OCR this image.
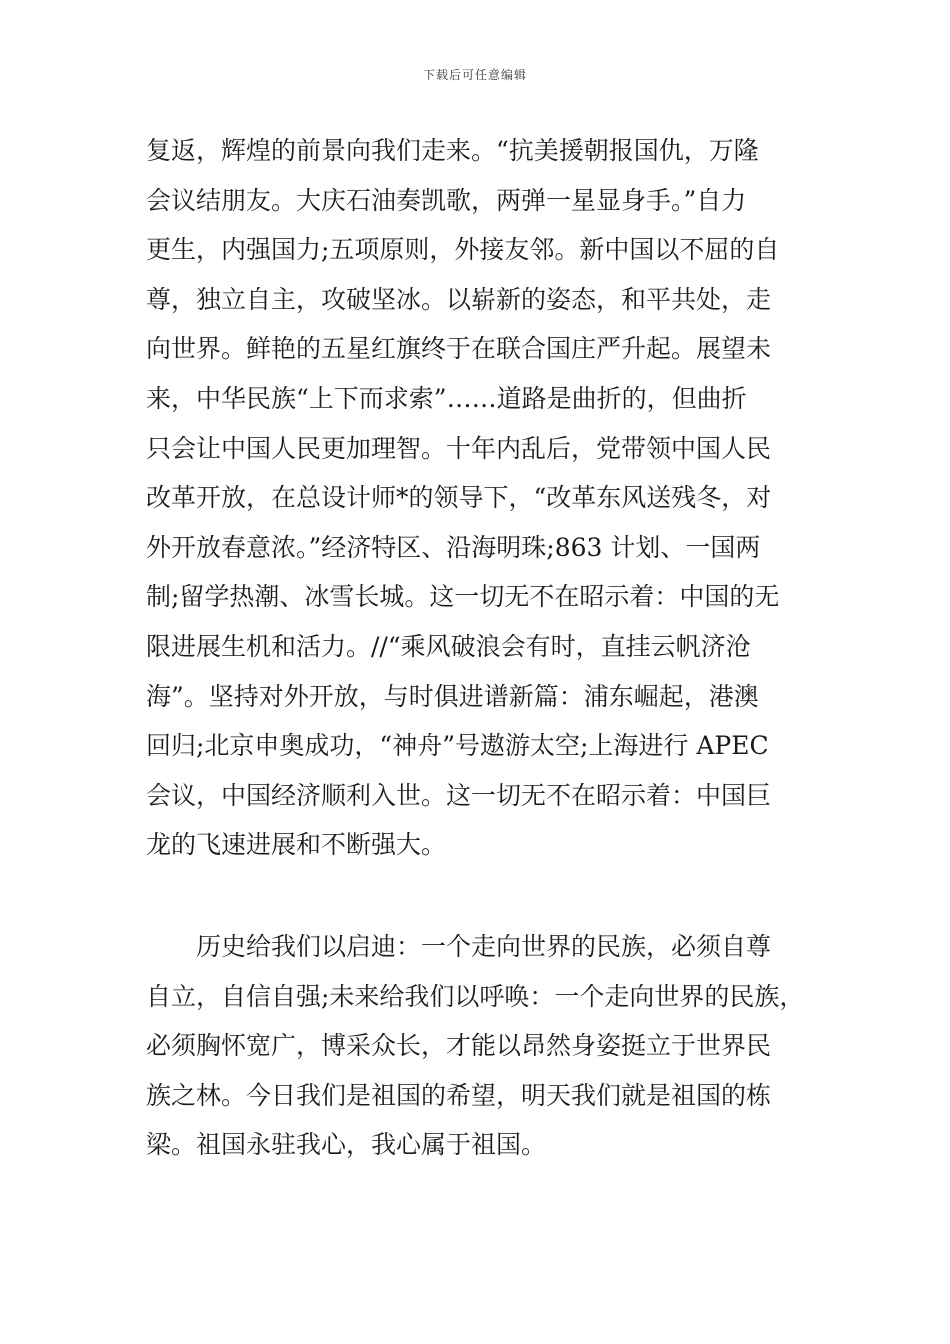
下载后可任意编辑
复返，辉煌的前景向我们走来。“抗美援朝报国仇，万隆
会议结朋友。大庆石油奏凯歌，两弹一星显身手。”自力
更生，内强国力;五项原则，外接友邻。新中国以不屈的自
尊，独立自主，攻破坚冰。以崭新的姿态，和平共处，走
向世界。鲜艳的五星红旗终于在联合国庄严升起。展望未
来，中华民族“上下而求索”……道路是曲折的，但曲折
只会让中国人民更加理智。十年内乱后，党带领中国人民
改革开放，在总设计师*的领导下，“改革东风送残冬，对
外开放春意浓。”经济特区、沿海明珠;863 计划、一国两
制;留学热潮、冰雪长城。这一切无不在昭示着：中国的无
限进展生机和活力。//“乘风破浪会有时，直挂云帆济沧
海”。坚持对外开放，与时俱进谱新篇：浦东崛起，港澳
回归;北京申奥成功，“神舟”号遨游太空;上海进行 APEC
会议，中国经济顺利入世。这一切无不在昭示着：中国巨
龙的飞速进展和不断强大。
　　历史给我们以启迪：一个走向世界的民族，必须自尊
自立，自信自强;未来给我们以呼唤：一个走向世界的民族，
必须胸怀宽广，博采众长，才能以昂然身姿挺立于世界民
族之林。今日我们是祖国的希望，明天我们就是祖国的栋
梁。祖国永驻我心，我心属于祖国。
